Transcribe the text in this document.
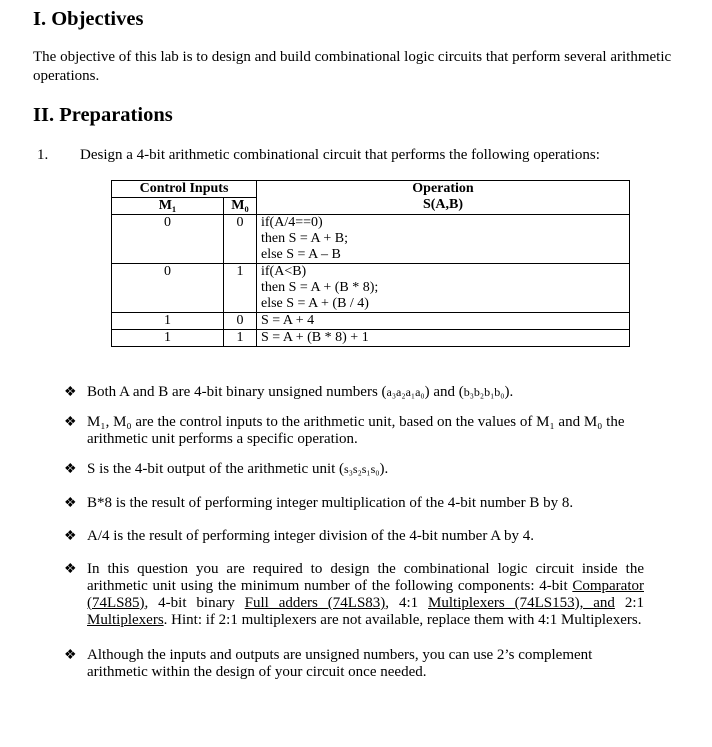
I. Objectives

The objective of this lab is to design and build combinational logic circuits that perform several arithmetic operations.

II. Preparations

1. Design a 4-bit arithmetic combinational circuit that performs the following operations:

Control Inputs		Operation
S(A,B)

M₁	M₀	
0	0	if(A/4==0)
then S = A + B;
else S = A – B

0	1	if(A<B)
then S = A + (B * 8);
else S = A + (B / 4)

1	0	S = A + 4
1	1	S = A + (B * 8) + 1
❖ Both A and B are 4-bit binary unsigned numbers (a₃a₂a₁a₀) and (b₃b₂b₁b₀).
❖ M₁, M₀ are the control inputs to the arithmetic unit, based on the values of M₁ and M₀ the arithmetic unit performs a specific operation.
❖ S is the 4-bit output of the arithmetic unit (s₃s₂s₁s₀).
❖ B*8 is the result of performing integer multiplication of the 4-bit number B by 8.
❖ A/4 is the result of performing integer division of the 4-bit number A by 4.
❖ In this question you are required to design the combinational logic circuit inside the arithmetic unit using the minimum number of the following components: 4-bit Comparator (74LS85), 4-bit binary Full adders (74LS83), 4:1 Multiplexers (74LS153), and 2:1 Multiplexers. Hint: if 2:1 multiplexers are not available, replace them with 4:1 Multiplexers.
❖ Although the inputs and outputs are unsigned numbers, you can use 2’s complement arithmetic within the design of your circuit once needed.
